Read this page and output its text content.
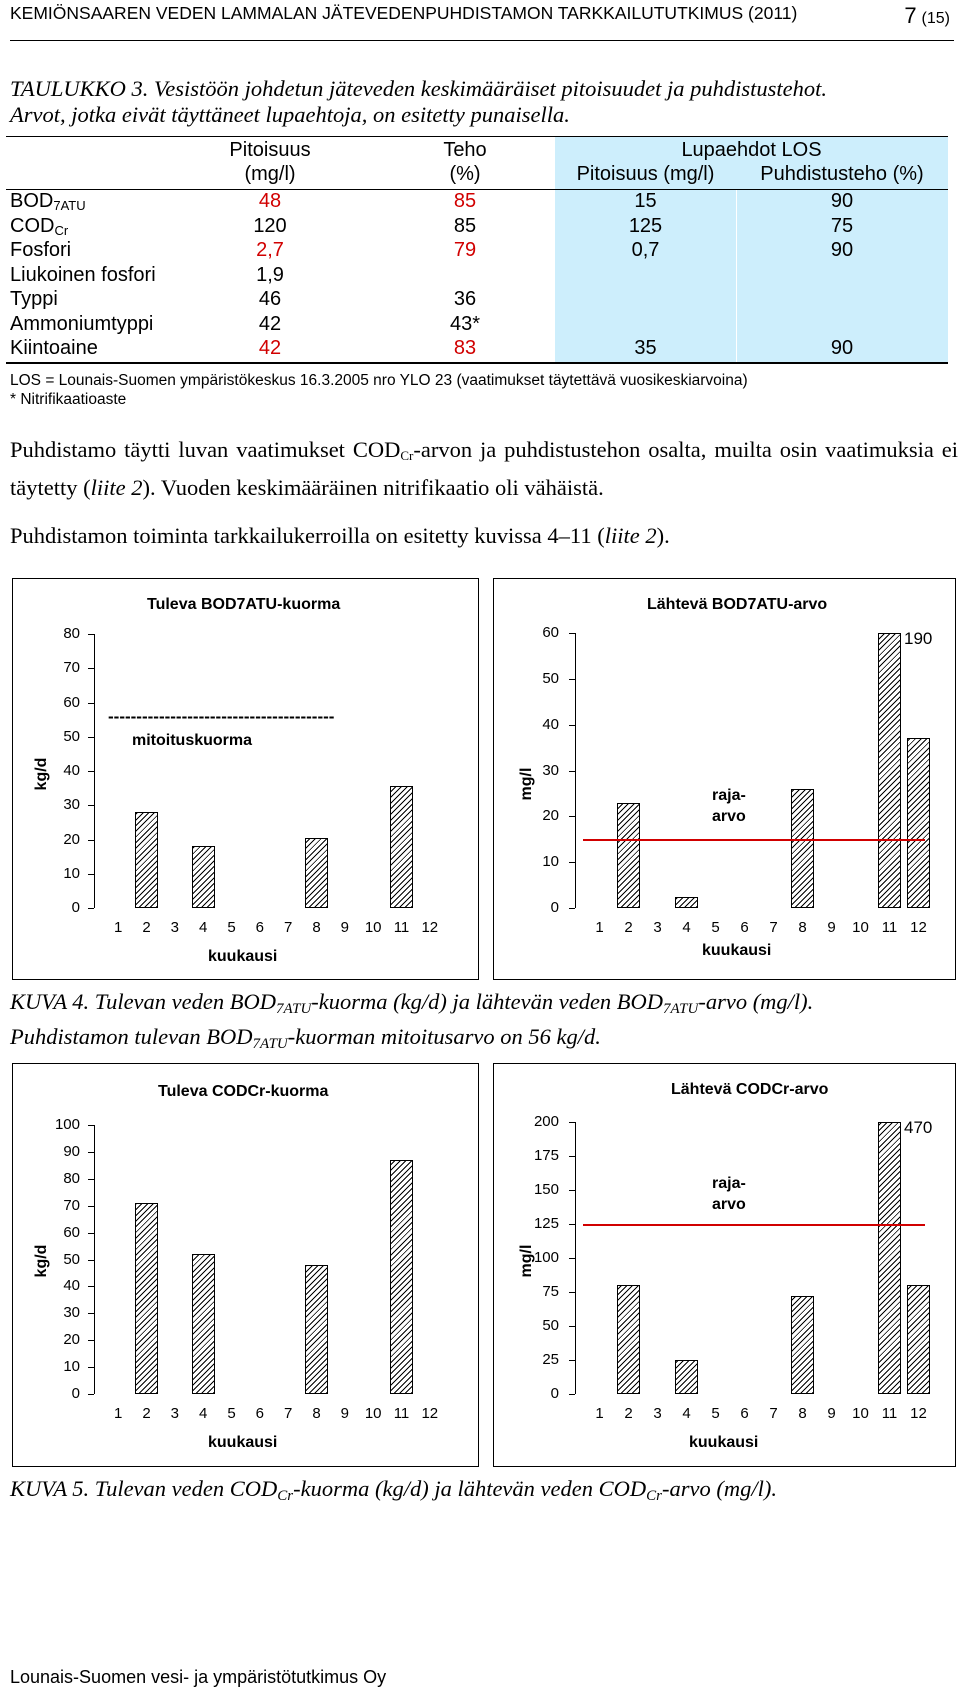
KEMIÖNSAAREN VEDEN LAMMALAN JÄTEVEDENPUHDISTAMON TARKKAILUTUTKIMUS (2011)	7 (15)
TAULUKKO 3. Vesistöön johdetun jäteveden keskimääräiset pitoisuudet ja puhdistustehot.
Arvot, jotka eivät täyttäneet lupaehtoja, on esitetty punaisella.
Pitoisuus
(mg/l)
Teho
(%)
Lupaehdot LOS
Pitoisuus (mg/l)	Puhdistusteho (%)
$BOD_{7ATU}$	48	85	15	90
$COD_{Cr}$	120	85	125	75
Fosfori	2,7	79	0,7	90
Liukoinen fosfori	1,9
Typpi	46	36
Ammoniumtyppi	42	43*
Kiintoaine	42	83	35	90
LOS = Lounais-Suomen ympäristökeskus 16.3.2005 nro YLO 23 (vaatimukset täytettävä vuosikeskiarvoina)
* Nitrifikaatioaste
Puhdistamo täytti luvan vaatimukset $COD_{Cr}$-arvon ja puhdistustehon osalta, muilta osin vaatimuksia ei täytetty (liite 2). Vuoden keskimääräinen nitrifikaatio oli vähäistä.
Puhdistamon toiminta tarkkailukerroilla on esitetty kuvissa 4–11 (liite 2).
Tuleva BOD7ATU-kuorma
0
10
20
30
40
50
60
70
80
1	2	3	4	5	6	7	8	9	10 11 12
kg/d
kuukausi
----------------------------------------
mitoituskuorma
Lähtevä BOD7ATU-arvo
0
10
20
30
40
50
60
1	2	3	4	5	6	7	8	9	10 11 12
190
mg/l
kuukausi
raja-
arvo
Tuleva CODCr-kuorma
0
10
20
30
40
50
60
70
80
90
100
1	2	3	4	5	6	7	8	9	10 11 12
kg/d
kuukausi
Lähtevä CODCr-arvo
0
25
50
75
100
125
150
175
200
1	2	3	4	5	6	7	8	9	10 11 12
470
mg/l
kuukausi
raja-
arvo
KUVA 4. Tulevan veden $BOD_{7ATU}$-kuorma (kg/d) ja lähtevän veden $BOD_{7ATU}$-arvo (mg/l).
Puhdistamon tulevan $BOD_{7ATU}$-kuorman mitoitusarvo on 56 kg/d.
KUVA 5. Tulevan veden $COD_{Cr}$-kuorma (kg/d) ja lähtevän veden $COD_{Cr}$-arvo (mg/l).
Lounais-Suomen vesi- ja ympäristötutkimus Oy
